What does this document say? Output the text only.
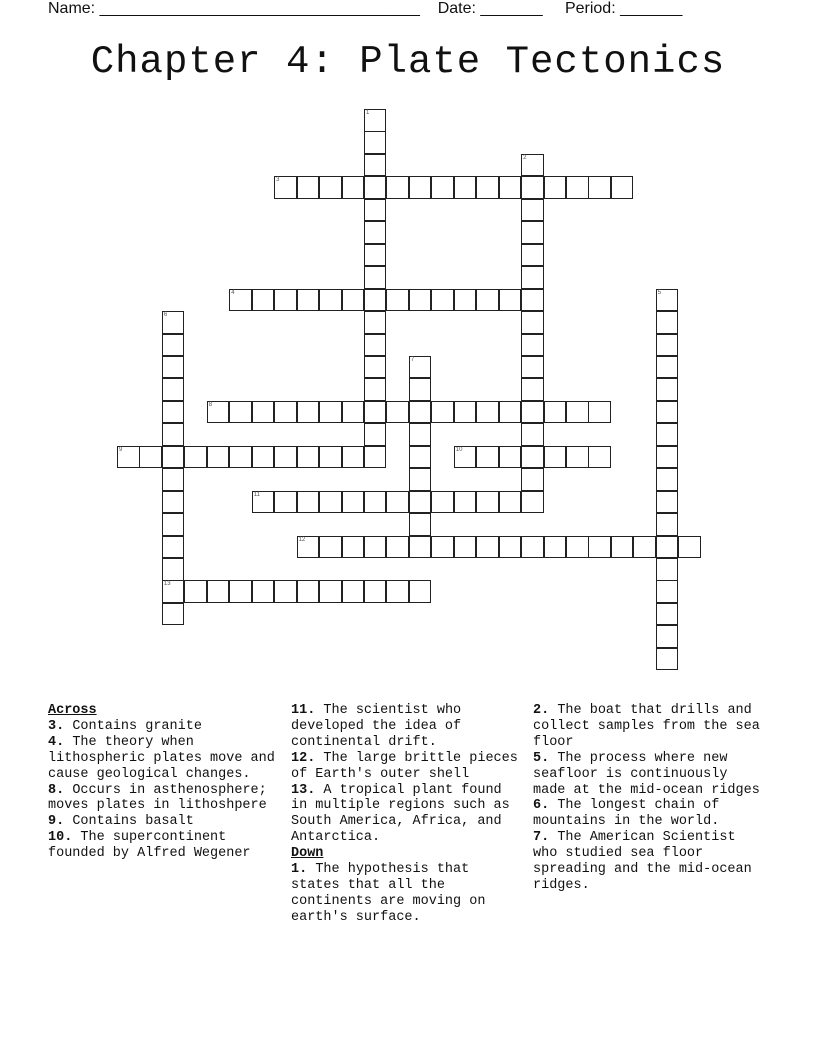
Name: ____________________________________ Date: _______ Period: _______
Chapter 4: Plate Tectonics
1
2
3
4	5
6
13
7
8
9	10
11
12
Across

3. Contains granite

4. The theory when lithospheric plates move and cause geological changes.

8. Occurs in asthenosphere; moves plates in lithoshpere

9. Contains basalt

10. The supercontinent founded by Alfred Wegener

11. The scientist who developed the idea of continental drift.

12. The large brittle pieces of Earth's outer shell

13. A tropical plant found in multiple regions such as South America, Africa, and Antarctica.

Down

1. The hypothesis that states that all the continents are moving on earth's surface.

2. The boat that drills and collect samples from the sea floor

5. The process where new seafloor is continuously made at the mid-ocean ridges

6. The longest chain of mountains in the world.

7. The American Scientist who studied sea floor spreading and the mid-ocean ridges.
